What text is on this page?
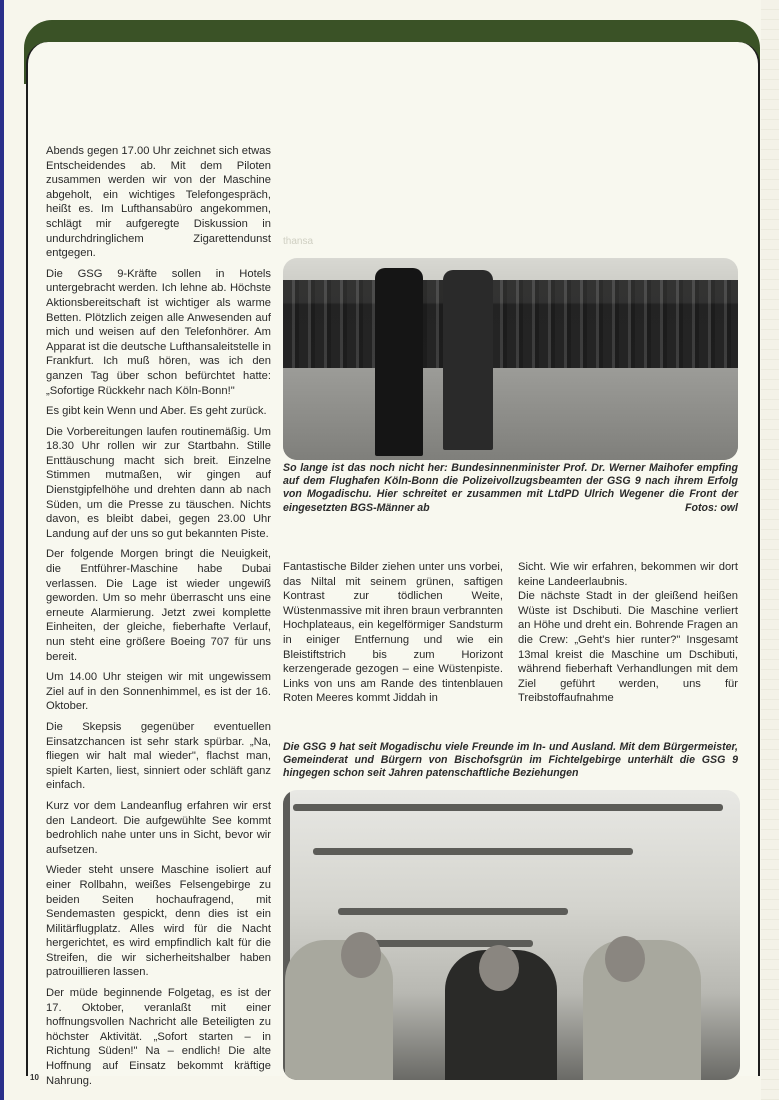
Abends gegen 17.00 Uhr zeichnet sich etwas Entscheidendes ab. Mit dem Piloten zusammen werden wir von der Maschine abgeholt, ein wichtiges Telefongespräch, heißt es. Im Lufthansabüro angekommen, schlägt mir aufgeregte Diskussion in undurchdringlichem Zigarettendunst entgegen.

Die GSG 9-Kräfte sollen in Hotels untergebracht werden. Ich lehne ab. Höchste Aktionsbereitschaft ist wichtiger als warme Betten. Plötzlich zeigen alle Anwesenden auf mich und weisen auf den Telefonhörer. Am Apparat ist die deutsche Lufthansaleitstelle in Frankfurt. Ich muß hören, was ich den ganzen Tag über schon befürchtet hatte: „Sofortige Rückkehr nach Köln-Bonn!"

Es gibt kein Wenn und Aber. Es geht zurück.

Die Vorbereitungen laufen routinemäßig. Um 18.30 Uhr rollen wir zur Startbahn. Stille Enttäuschung macht sich breit. Einzelne Stimmen mutmaßen, wir gingen auf Dienstgipfelhöhe und drehten dann ab nach Süden, um die Presse zu täuschen. Nichts davon, es bleibt dabei, gegen 23.00 Uhr Landung auf der uns so gut bekannten Piste.

Der folgende Morgen bringt die Neuigkeit, die Entführer-Maschine habe Dubai verlassen. Die Lage ist wieder ungewiß geworden. Um so mehr überrascht uns eine erneute Alarmierung. Jetzt zwei komplette Einheiten, der gleiche, fieberhafte Verlauf, nun steht eine größere Boeing 707 für uns bereit.

Um 14.00 Uhr steigen wir mit ungewissem Ziel auf in den Sonnenhimmel, es ist der 16. Oktober.

Die Skepsis gegenüber eventuellen Einsatzchancen ist sehr stark spürbar. „Na, fliegen wir halt mal wieder", flachst man, spielt Karten, liest, sinniert oder schläft ganz einfach.

Kurz vor dem Landeanflug erfahren wir erst den Landeort. Die aufgewühlte See kommt bedrohlich nahe unter uns in Sicht, bevor wir aufsetzen.

Wieder steht unsere Maschine isoliert auf einer Rollbahn, weißes Felsengebirge zu beiden Seiten hochaufragend, mit Sendemasten gespickt, denn dies ist ein Militärflugplatz. Alles wird für die Nacht hergerichtet, es wird empfindlich kalt für die Streifen, die wir sicherheitshalber haben patrouillieren lassen.

Der müde beginnende Folgetag, es ist der 17. Oktober, veranlaßt mit einer hoffnungsvollen Nachricht alle Beteiligten zu höchster Aktivität. „Sofort starten – in Richtung Süden!" Na – endlich! Die alte Hoffnung auf Einsatz bekommt kräftige Nahrung.

thansa
So lange ist das noch nicht her: Bundesinnenminister Prof. Dr. Werner Maihofer empfing auf dem Flughafen Köln-Bonn die Polizeivollzugsbeamten der GSG 9 nach ihrem Erfolg von Mogadischu. Hier schreitet er zusammen mit LtdPD Ulrich Wegener die Front der eingesetzten BGS-Männer ab	Fotos: owl

Fantastische Bilder ziehen unter uns vorbei, das Niltal mit seinem grünen, saftigen Kontrast zur tödlichen Weite, Wüstenmassive mit ihren braun verbrannten Hochplateaus, ein kegelförmiger Sandsturm in einiger Entfernung und wie ein Bleistiftstrich bis zum Horizont kerzengerade gezogen – eine Wüstenpiste. Links von uns am Rande des tintenblauen Roten Meeres kommt Jiddah in

Sicht. Wie wir erfahren, bekommen wir dort keine Landeerlaubnis.

Die nächste Stadt in der gleißend heißen Wüste ist Dschibuti. Die Maschine verliert an Höhe und dreht ein. Bohrende Fragen an die Crew: „Geht's hier runter?" Insgesamt 13mal kreist die Maschine um Dschibuti, während fieberhaft Verhandlungen mit dem Ziel geführt werden, uns für Treibstoffaufnahme

Die GSG 9 hat seit Mogadischu viele Freunde im In- und Ausland. Mit dem Bürgermeister, Gemeinderat und Bürgern von Bischofsgrün im Fichtelgebirge unterhält die GSG 9 hingegen schon seit Jahren patenschaftliche Beziehungen
10
